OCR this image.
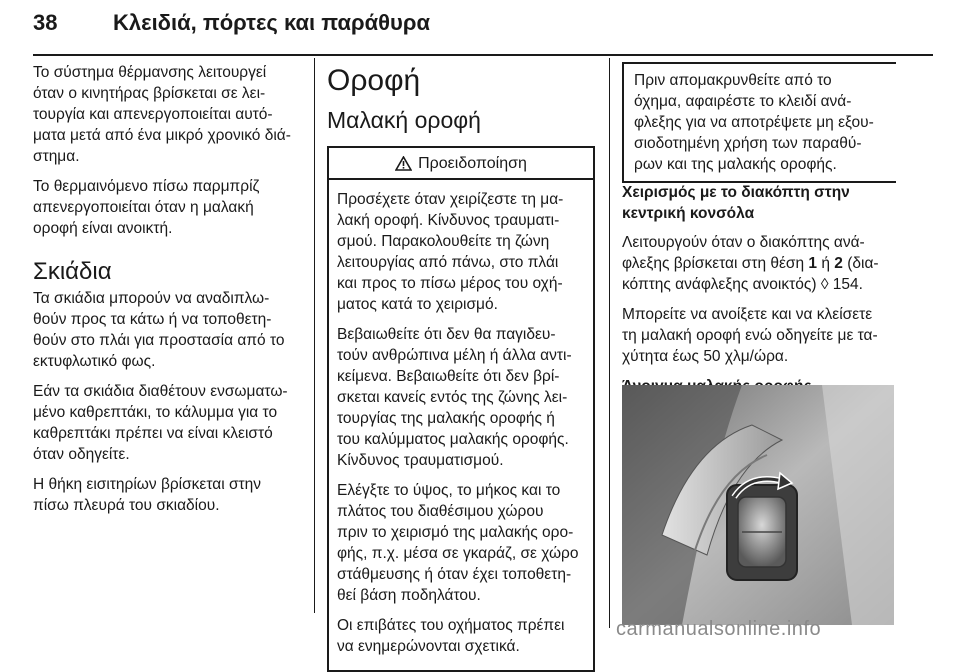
38	Κλειδιά, πόρτες και παράθυρα

Το σύστημα θέρμανσης λειτουργεί
όταν ο κινητήρας βρίσκεται σε λει-
τουργία και απενεργοποιείται αυτό-
ματα μετά από ένα μικρό χρονικό διά-
στημα.

Το θερμαινόμενο πίσω παρμπρίζ
απενεργοποιείται όταν η μαλακή
οροφή είναι ανοικτή.

Σκιάδια

Τα σκιάδια μπορούν να αναδιπλω-
θούν προς τα κάτω ή να τοποθετη-
θούν στο πλάι για προστασία από το
εκτυφλωτικό φως.

Εάν τα σκιάδια διαθέτουν ενσωματω-
μένο καθρεπτάκι, το κάλυμμα για το
καθρεπτάκι πρέπει να είναι κλειστό
όταν οδηγείτε.

Η θήκη εισιτηρίων βρίσκεται στην
πίσω πλευρά του σκιαδίου.

Οροφή
Μαλακή οροφή
Προειδοποίηση

Προσέχετε όταν χειρίζεστε τη μα-
λακή οροφή. Κίνδυνος τραυματι-
σμού. Παρακολουθείτε τη ζώνη
λειτουργίας από πάνω, στο πλάι
και προς το πίσω μέρος του οχή-
ματος κατά το χειρισμό.

Βεβαιωθείτε ότι δεν θα παγιδευ-
τούν ανθρώπινα μέλη ή άλλα αντι-
κείμενα. Βεβαιωθείτε ότι δεν βρί-
σκεται κανείς εντός της ζώνης λει-
τουργίας της μαλακής οροφής ή
του καλύμματος μαλακής οροφής.
Κίνδυνος τραυματισμού.

Ελέγξτε το ύψος, το μήκος και το
πλάτος του διαθέσιμου χώρου
πριν το χειρισμό της μαλακής ορο-
φής, π.χ. μέσα σε γκαράζ, σε χώρο
στάθμευσης ή όταν έχει τοποθετη-
θεί βάση ποδηλάτου.

Οι επιβάτες του οχήματος πρέπει
να ενημερώνονται σχετικά.

Πριν απομακρυνθείτε από το
όχημα, αφαιρέστε το κλειδί ανά-
φλεξης για να αποτρέψετε μη εξου-
σιοδοτημένη χρήση των παραθύ-
ρων και της μαλακής οροφής.

Χειρισμός με το διακόπτη στην
κεντρική κονσόλα

Λειτουργούν όταν ο διακόπτης ανά-
φλεξης βρίσκεται στη θέση 1 ή 2 (δια-
κόπτης ανάφλεξης ανοικτός) ◊ 154.

Μπορείτε να ανοίξετε και να κλείσετε
τη μαλακή οροφή ενώ οδηγείτε με τα-
χύτητα έως 50 χλμ/ώρα.

carmanualsonline.info
